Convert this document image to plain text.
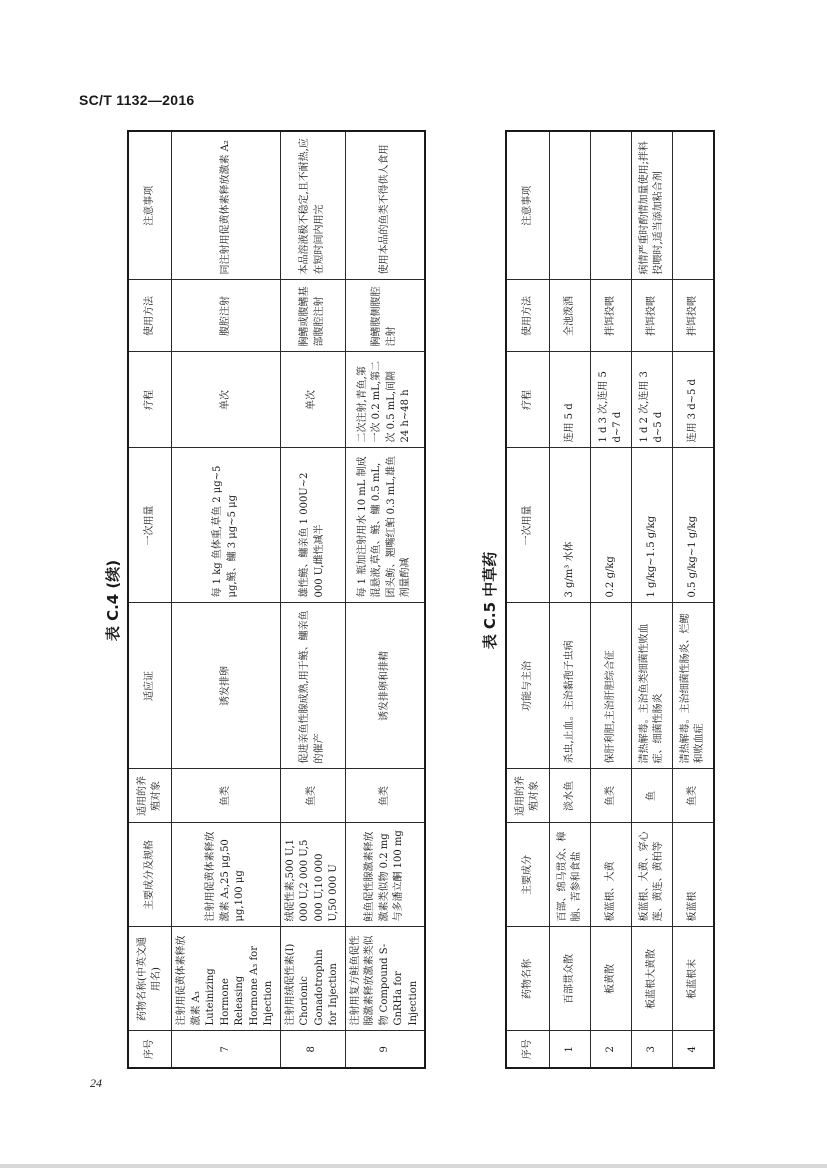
SC/T 1132—2016
表 C.4 (续)
序号	药物名称(中英文通用名)	主要成分及规格	适用的养殖对象	适应证	一次用量	疗程	使用方法	注意事项
7	注射用促黄体素释放激素 A₃ Luteinizing Hormone Releasing Hormone A₃ for Injection	注射用促黄体素释放激素 A₃,25 μg,50 μg,100 μg	鱼类	诱发排卵	每 1 kg 鱼体重,草鱼 2 μg~5 μg,鲢、鳙 3 μg~5 μg	单次	腹腔注射	同注射用促黄体素释放激素 A₂
8	注射用绒促性素(Ⅰ) Chorionic Gonadotrophin for Injection	绒促性素,500 U,1 000 U,2 000 U,5 000 U,10 000 U,50 000 U	鱼类	促进亲鱼性腺成熟,用于鲢、鳙亲鱼的催产	雄性鲢、鳙亲鱼 1 000U~2 000 U,雌性减半	单次	胸鳍或腹鳍基部腹腔注射	本品溶液极不稳定,且不耐热,应在短时间内用完
9	注射用复方鲑鱼促性腺激素释放激素类似物 Compound S-GnRHa for Injection	鲑鱼促性腺激素释放激素类似物 0.2 mg 与多潘立酮 100 mg	鱼类	诱发排卵和排精	每 1 瓶加注射用水 10 mL 制成混悬液,草鱼、鲢、鳙 0.5 mL,团头鲂、翘嘴红鲌 0.3 mL,雄鱼剂量酌减	二次注射,青鱼,第一次 0.2 mL,第二次 0.5 mL,间隔 24 h~48 h	胸鳍腹侧腹腔注射	使用本品的鱼类不得供人食用
表 C.5 中草药
序号	药物名称	主要成分	适用的养殖对象	功能与主治	一次用量	疗程	使用方法	注意事项
1	百部贯众散	百部、绵马贯众、樟脑、苦参和食盐	淡水鱼	杀虫,止血。主治黏孢子虫病	3 g/m³ 水体	连用 5 d	全池泼洒	
2	板黄散	板蓝根、大黄	鱼类	保肝利胆,主治肝胆综合征	0.2 g/kg	1 d 3 次,连用 5 d~7 d	拌饵投喂	
3	板蓝根大黄散	板蓝根、大黄、穿心莲、黄连、黄柏等	鱼	清热解毒。主治鱼类细菌性败血症、细菌性肠炎	1 g/kg~1.5 g/kg	1 d 2 次,连用 3 d~5 d	拌饵投喂	病情严重时酌情加量使用;拌料投喂时,适当添加粘合剂
4	板蓝根末	板蓝根	鱼类	清热解毒。主治细菌性肠炎、烂鳃和败血症	0.5 g/kg~1 g/kg	连用 3 d~5 d	拌饵投喂	
24
